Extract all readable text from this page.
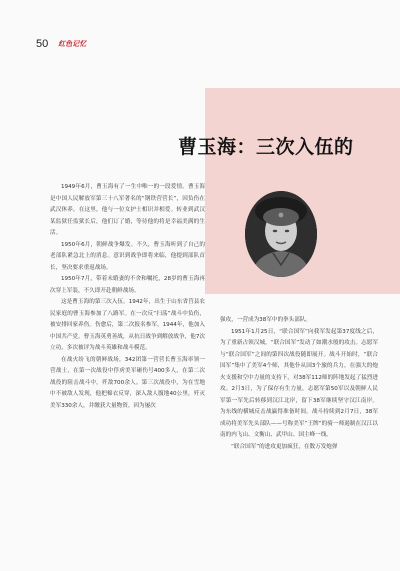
50 红色记忆
曹玉海：三次入伍的

1949年6月，曹玉海有了一生中唯一的一段爱情。曹玉海是中国人民解放军第三十八军著名的“钢铁营营长”，因负伤在武汉休养，在这里，他与一位女护士相识并相爱。转业到武汉某监狱任监狱长后，他们订了婚，等待他的将是幸福美满的生活。

1950年6月，朝鲜战争爆发。不久，曹玉海听到了自己的老部队紧急北上的消息。意识到战争即将来临，他提到部队首长，坚决要求重返战场。

1950年7月，带着未婚妻的不舍和嘱托，28岁的曹玉海再次穿上军装，不久即开赴朝鲜战场。

这是曹玉海的第三次入伍。1942年，出生于山东省莒县农民家庭的曹玉海参加了八路军。在一次反“扫荡”战斗中负伤，被安排回家养伤。伤愈后，第二次报名参军。1944年，他加入中国共产党。曹玉海英勇善战，从抗日战争到解放战争，他7次立功，多次被评为战斗英雄和战斗模范。

在战火纷飞的朝鲜战场，342团第一营营长曹玉海率领一营战士，在第一次战役中俘虏美军砸伤号400多人，在第二次战役的阻击战斗中，歼敌700余人。第三次战役中，为在雪地中不被敌人发现，他把棉衣反穿，深入敌人腹地40公里，歼灭美军330余人，并缴获大量物资。因为屡次

强攻，一营成为38军中的拳头部队。

1951年1月25日，“联合国军”向我军发起第37度线之后，为了重新占领汉城，“联合国军”发动了如潮水般的攻击。志愿军与“联合国军”之间的第四次战役随即展开。战斗开始时，“联合国军”集中了美军4个师，其他仆从国3个旅的兵力，在强大的炮火支援和空中力量的支持下，对38军112师的阵地发起了猛烈进攻。2月3日，为了保存有生力量，志愿军第50军以及朝鲜人民军第一军先后转移到汉江北岸，留下38军继续坚守汉江南岸。为东线的横城反击战赢得准备时间。战斗持续到2月7日，38军成功将美军先头部队——号称美军“王牌”的骑一师遏制在汉江以南的内飞山、文衡山、武甲山、国主峰一线。

“联合国军”的进攻更加疯狂，在数万发炮弹
